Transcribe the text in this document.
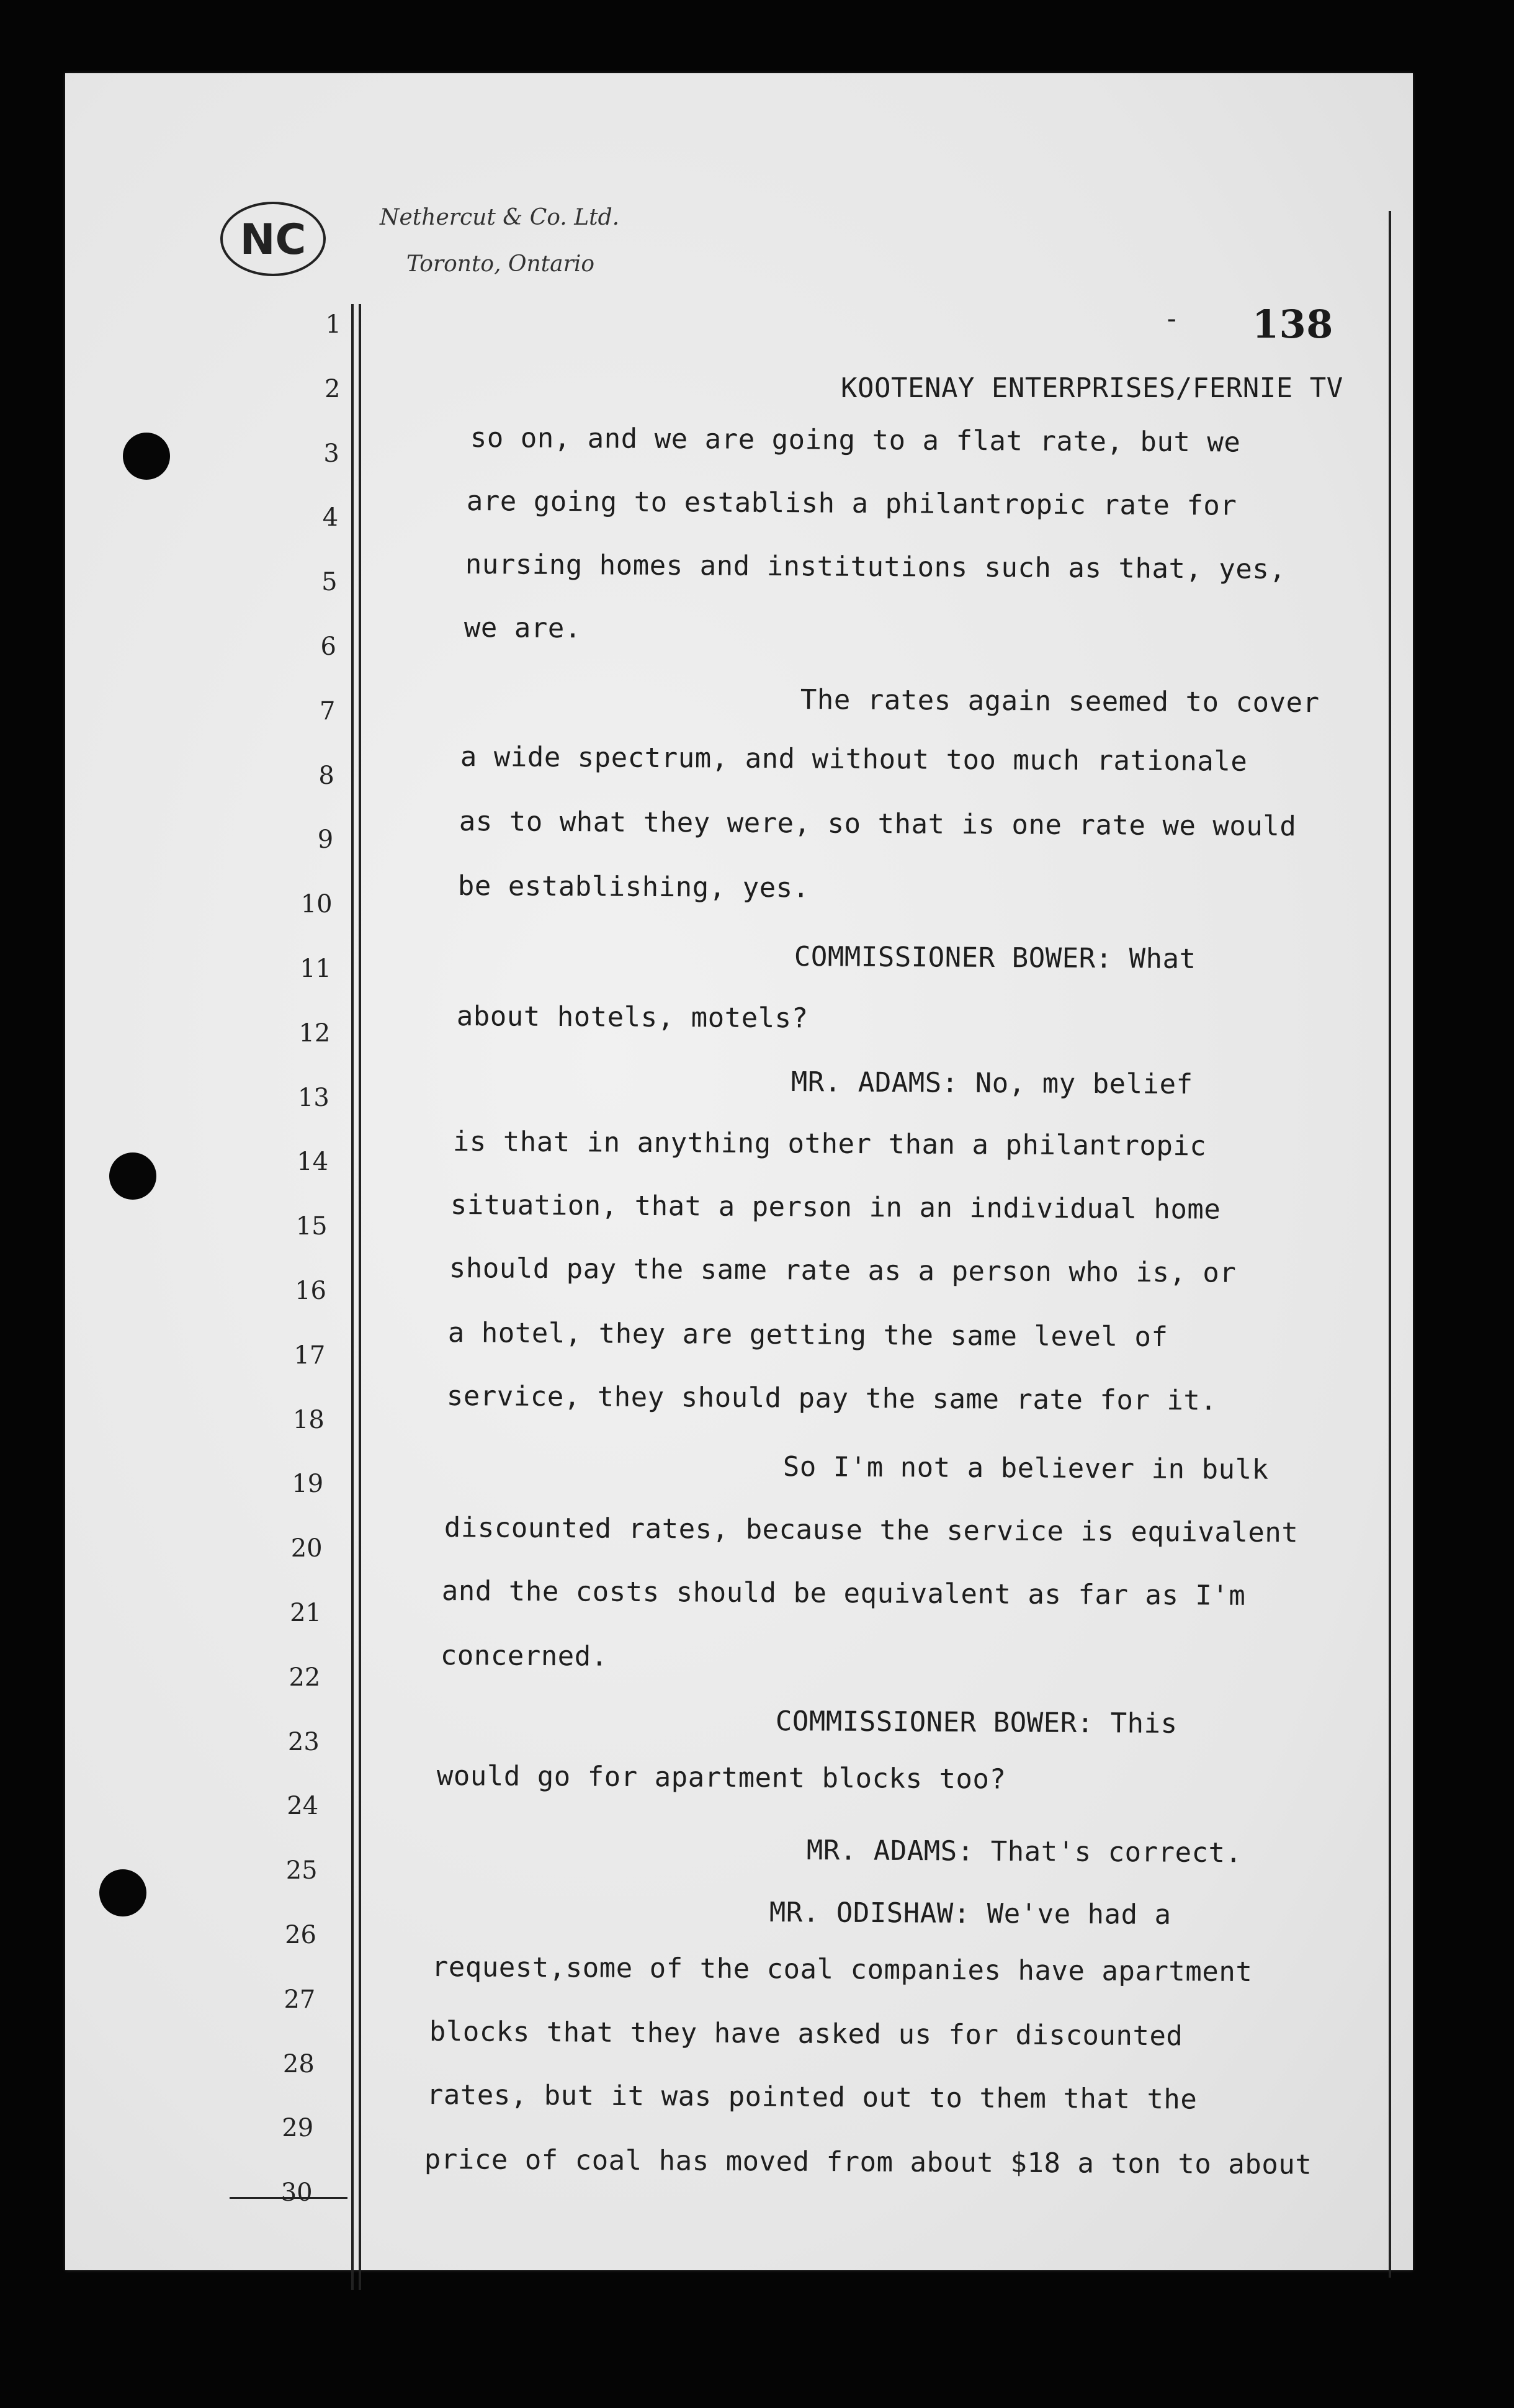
NC	Nethercut & Co. Ltd.
Toronto, Ontario
- 138
KOOTENAY ENTERPRISES/FERNIE TV
1
2
3
4
5
6
7
8
9
10
11
12
13
14
15
16
17
18
19
20
21
22
23
24
25
26
27
28
29
30
so on, and we are going to a flat rate, but we
are going to establish a philantropic rate for
nursing homes and institutions such as that, yes,
we are.
The rates again seemed to cover
a wide spectrum, and without too much rationale
as to what they were, so that is one rate we would
be establishing, yes.
COMMISSIONER BOWER: What
about hotels, motels?
MR. ADAMS: No, my belief
is that in anything other than a philantropic
situation, that a person in an individual home
should pay the same rate as a person who is, or
a hotel, they are getting the same level of
service, they should pay the same rate for it.
So I'm not a believer in bulk
discounted rates, because the service is equivalent
and the costs should be equivalent as far as I'm
concerned.
COMMISSIONER BOWER: This
would go for apartment blocks too?
MR. ADAMS: That's correct.
MR. ODISHAW: We've had a
request,some of the coal companies have apartment
blocks that they have asked us for discounted
rates, but it was pointed out to them that the
price of coal has moved from about $18 a ton to about
